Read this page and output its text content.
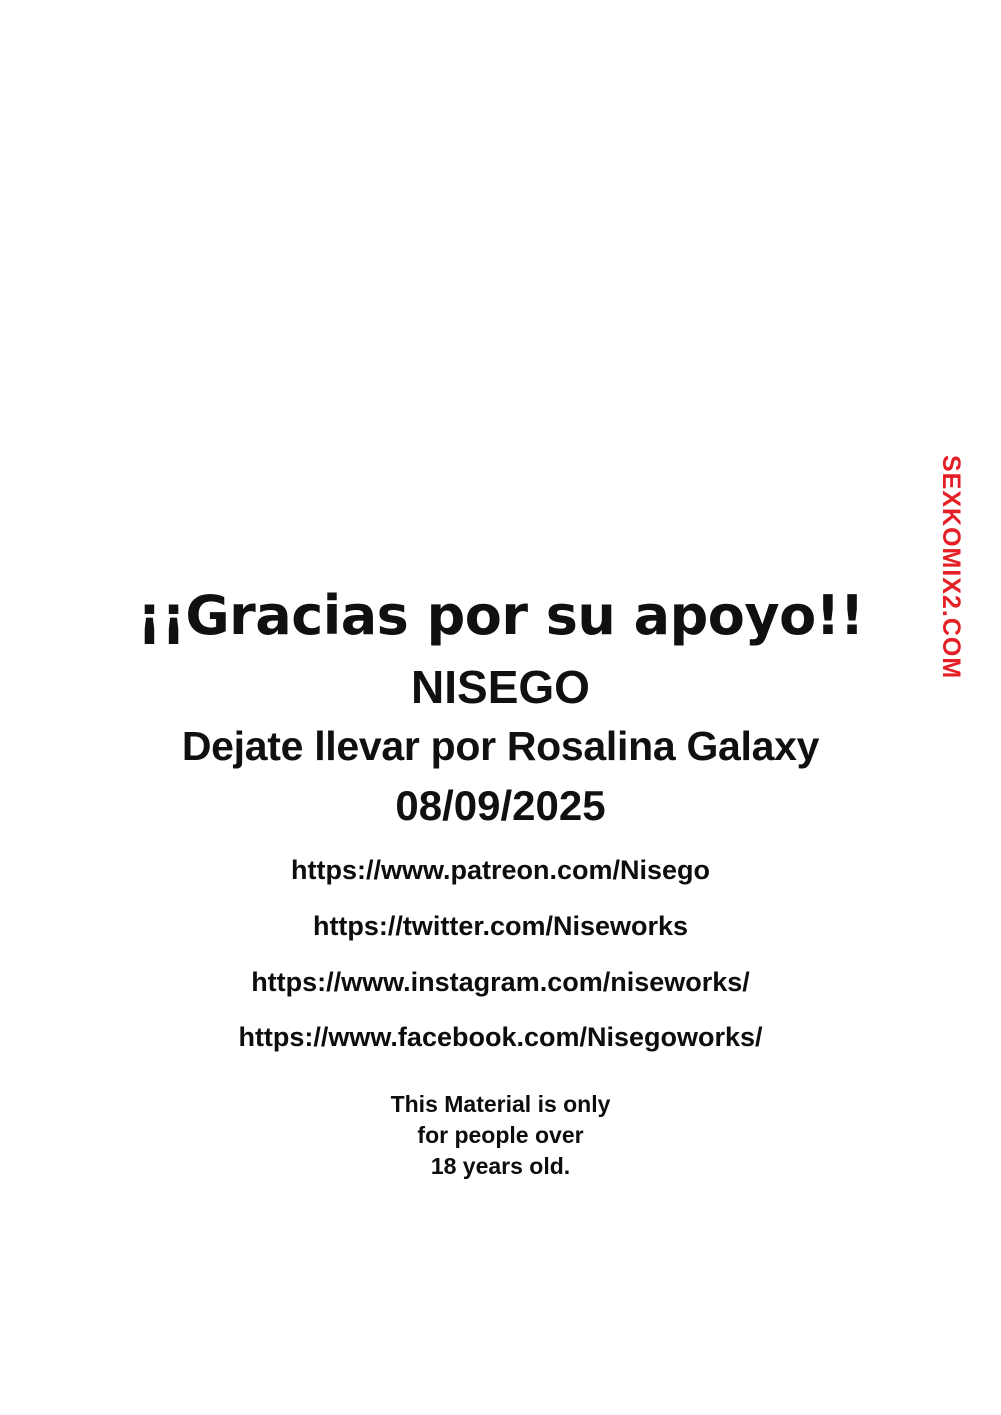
SEXKOMIX2.COM
¡¡Gracias por su apoyo!!
NISEGO
Dejate llevar por Rosalina Galaxy
08/09/2025
https://www.patreon.com/Nisego
https://twitter.com/Niseworks
https://www.instagram.com/niseworks/
https://www.facebook.com/Nisegoworks/
This Material is only
for people over
18 years old.
